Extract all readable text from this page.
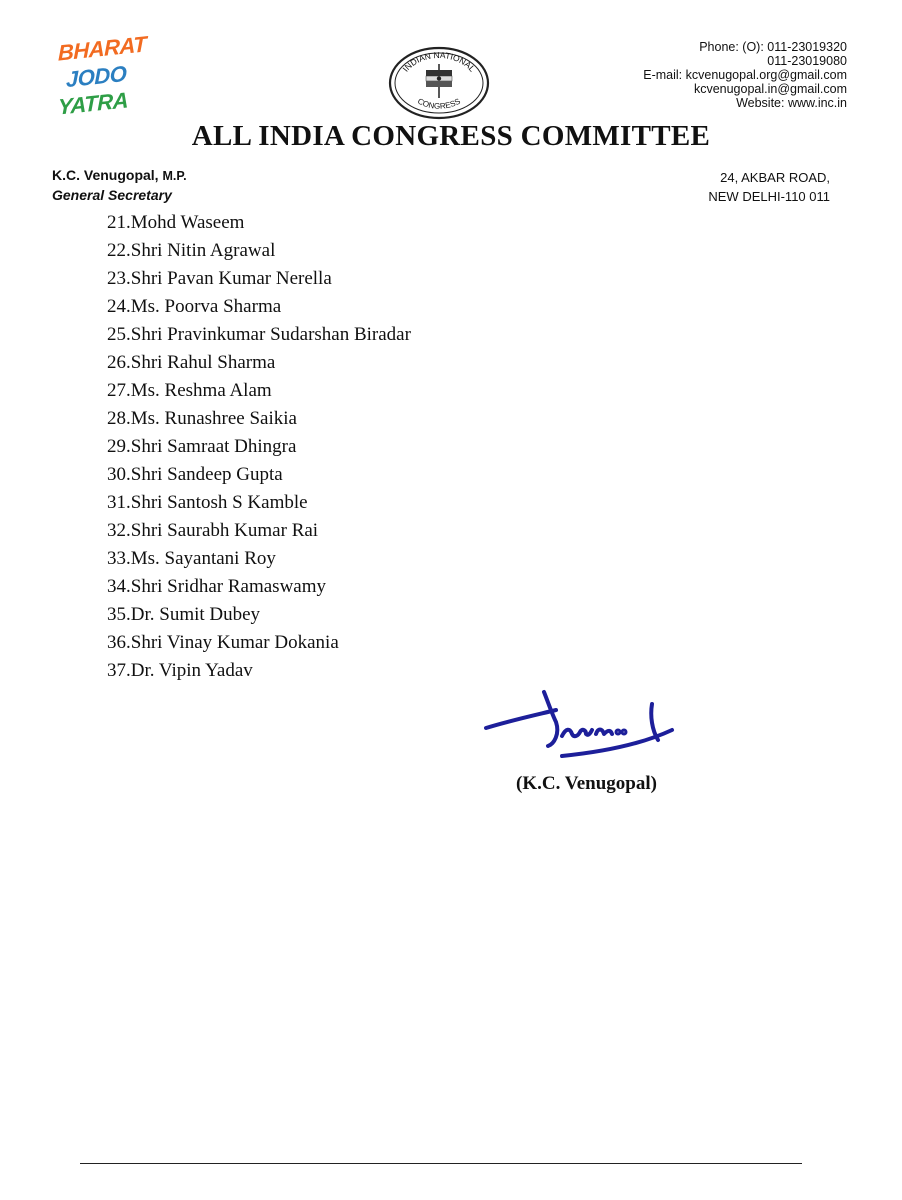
BHARAT
JODO
YATRA
INDIAN NATIONAL
CONGRESS
Phone: (O): 011-23019320
011-23019080
E-mail: kcvenugopal.org@gmail.com
kcvenugopal.in@gmail.com
Website: www.inc.in
ALL INDIA CONGRESS COMMITTEE
K.C. Venugopal, M.P.
General Secretary
24, AKBAR ROAD,
NEW DELHI-110 011
21.Mohd Waseem
22.Shri Nitin Agrawal
23.Shri Pavan Kumar Nerella
24.Ms. Poorva Sharma
25.Shri Pravinkumar Sudarshan Biradar
26.Shri Rahul Sharma
27.Ms. Reshma Alam
28.Ms. Runashree Saikia
29.Shri Samraat Dhingra
30.Shri Sandeep Gupta
31.Shri Santosh S Kamble
32.Shri Saurabh Kumar Rai
33.Ms. Sayantani Roy
34.Shri Sridhar Ramaswamy
35.Dr. Sumit Dubey
36.Shri Vinay Kumar Dokania
37.Dr. Vipin Yadav
(K.C. Venugopal)
